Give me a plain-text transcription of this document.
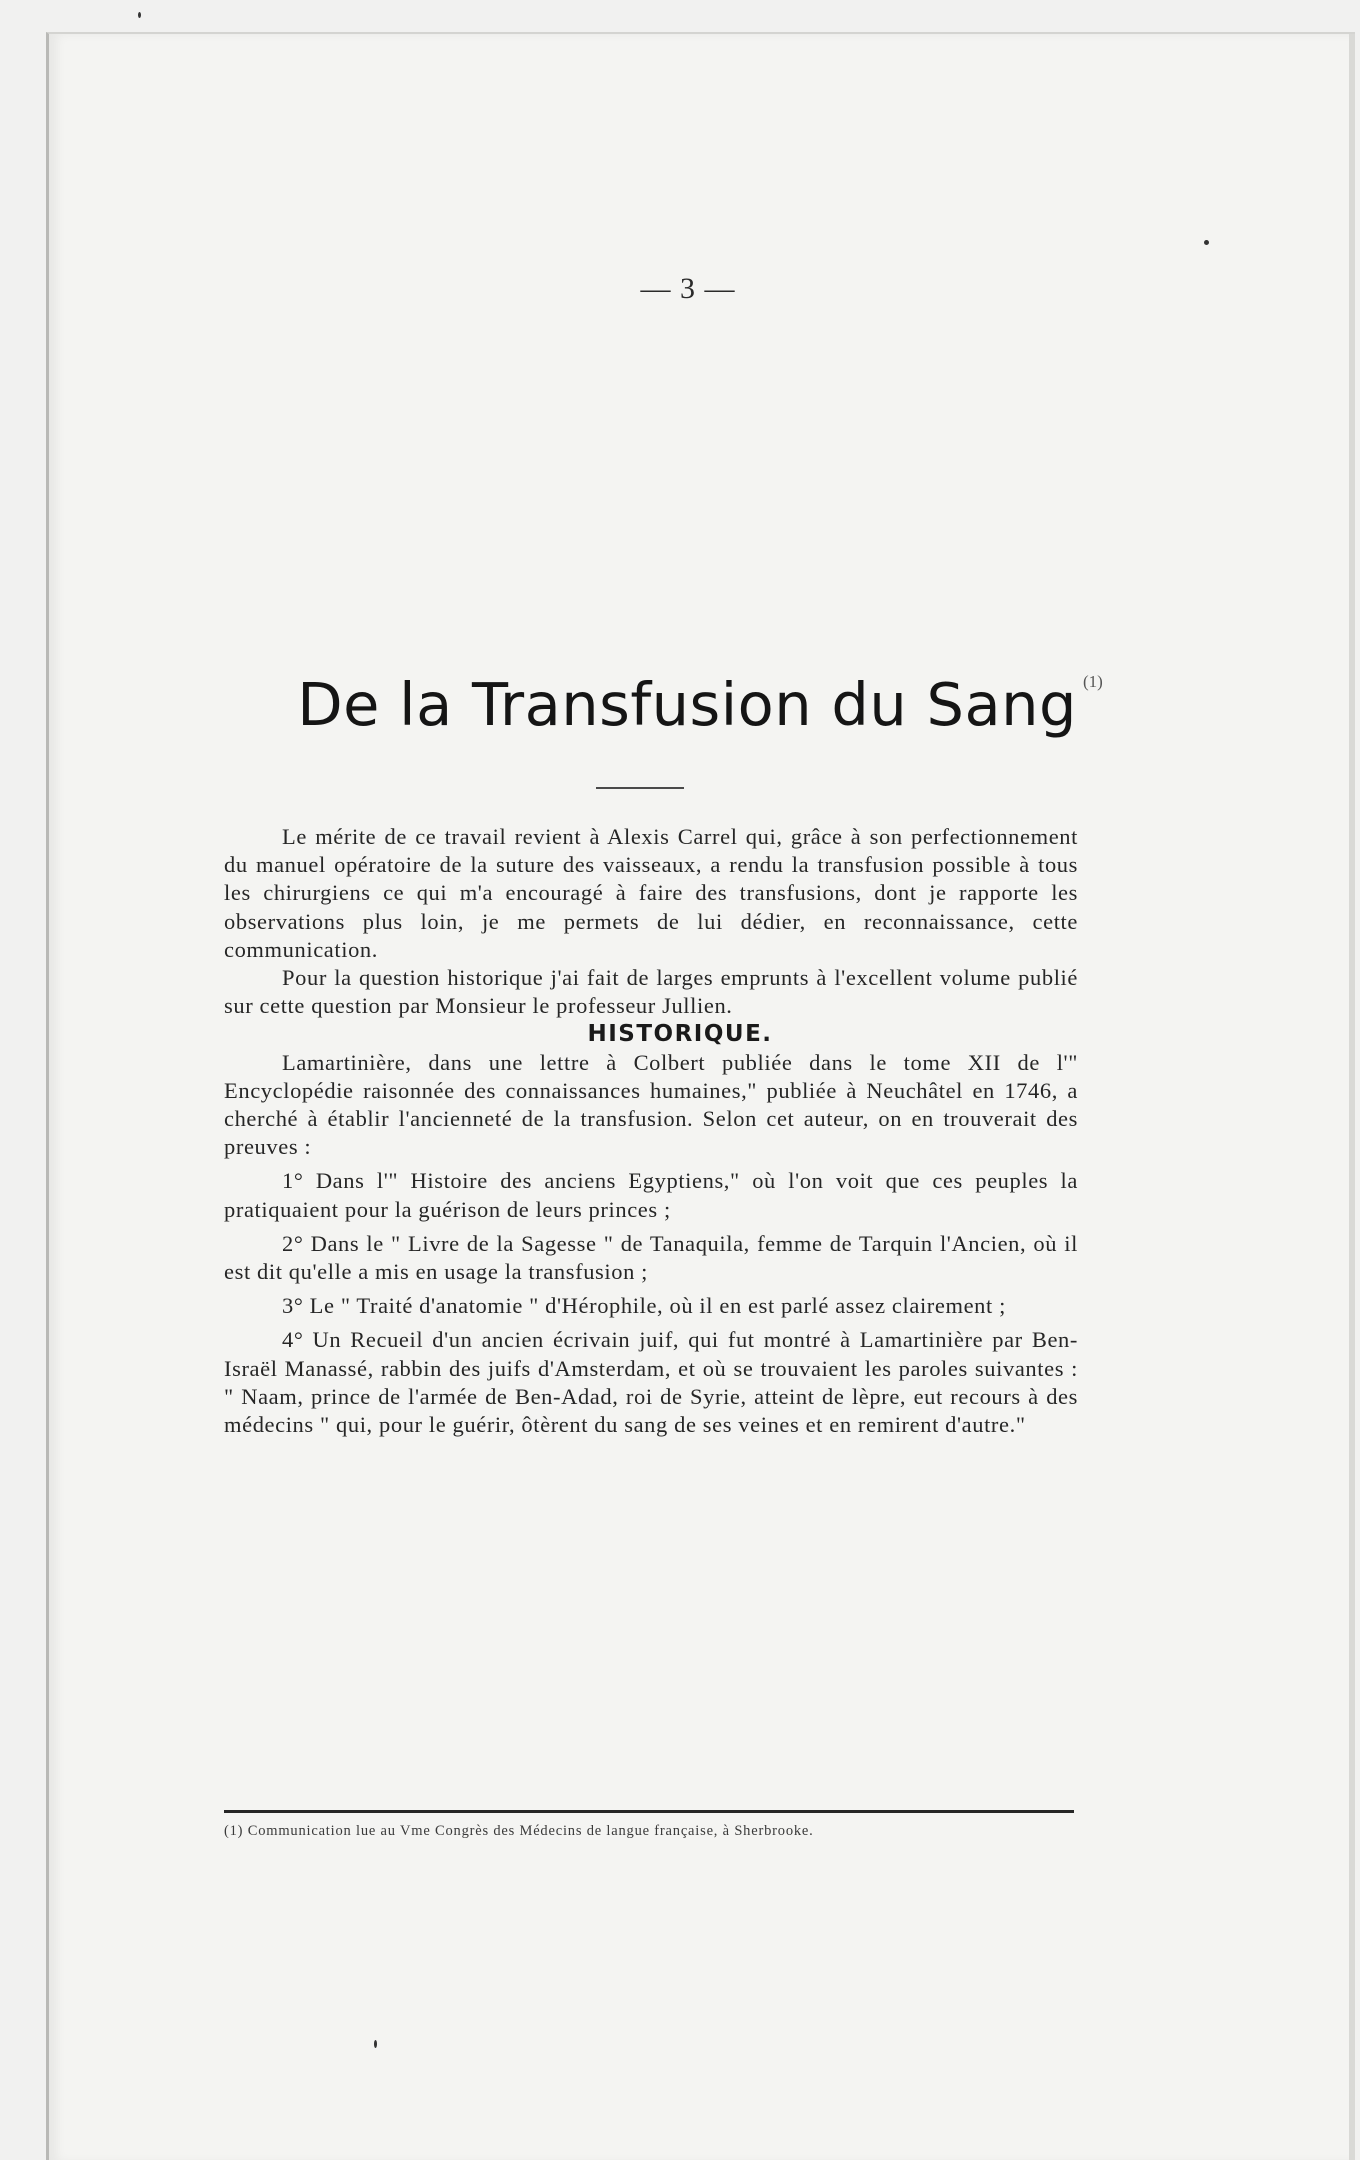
— 3 —
De la Transfusion du Sang (1)

Le mérite de ce travail revient à Alexis Carrel qui, grâce à son perfectionnement du manuel opératoire de la suture des vaisseaux, a rendu la transfusion possible à tous les chirurgiens ce qui m'a encouragé à faire des transfusions, dont je rapporte les observations plus loin, je me permets de lui dédier, en reconnaissance, cette communication.

Pour la question historique j'ai fait de larges emprunts à l'excellent volume publié sur cette question par Monsieur le professeur Jullien.

HISTORIQUE.

Lamartinière, dans une lettre à Colbert publiée dans le tome XII de l'" Encyclopédie raisonnée des connaissances humaines," publiée à Neuchâtel en 1746, a cherché à établir l'ancienneté de la transfusion. Selon cet auteur, on en trouverait des preuves :

1° Dans l'" Histoire des anciens Egyptiens," où l'on voit que ces peuples la pratiquaient pour la guérison de leurs princes ;

2° Dans le " Livre de la Sagesse " de Tanaquila, femme de Tarquin l'Ancien, où il est dit qu'elle a mis en usage la transfusion ;

3° Le " Traité d'anatomie " d'Hérophile, où il en est parlé assez clairement ;

4° Un Recueil d'un ancien écrivain juif, qui fut montré à Lamartinière par Ben-Israël Manassé, rabbin des juifs d'Amsterdam, et où se trouvaient les paroles suivantes : " Naam, prince de l'armée de Ben-Adad, roi de Syrie, atteint de lèpre, eut recours à des médecins " qui, pour le guérir, ôtèrent du sang de ses veines et en remirent d'autre."

(1) Communication lue au Vme Congrès des Médecins de langue française, à Sherbrooke.
